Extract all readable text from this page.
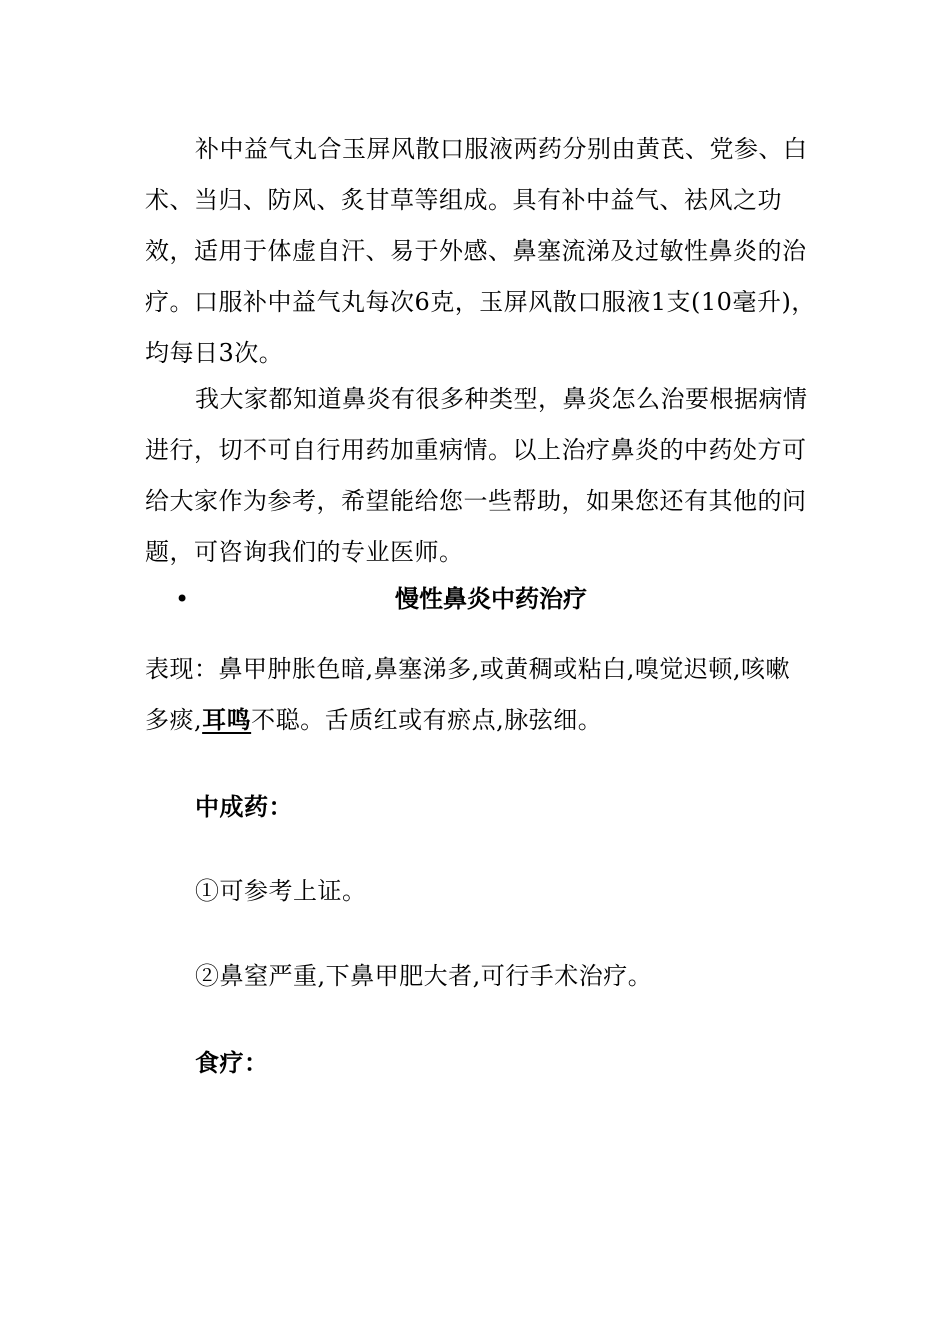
补中益气丸合玉屏风散口服液两药分别由黄芪、党参、白术、当归、防风、炙甘草等组成。具有补中益气、祛风之功效，适用于体虚自汗、易于外感、鼻塞流涕及过敏性鼻炎的治疗。口服补中益气丸每次6克，玉屏风散口服液1支(10毫升)，均每日3次。

我大家都知道鼻炎有很多种类型，鼻炎怎么治要根据病情进行，切不可自行用药加重病情。以上治疗鼻炎的中药处方可给大家作为参考，希望能给您一些帮助，如果您还有其他的问题，可咨询我们的专业医师。

•	慢性鼻炎中药治疗
表现：鼻甲肿胀色暗,鼻塞涕多,或黄稠或粘白,嗅觉迟顿,咳嗽
多痰,耳鸣不聪。舌质红或有瘀点,脉弦细。
中成药：
①可参考上证。
②鼻窒严重,下鼻甲肥大者,可行手术治疗。
食疗：
